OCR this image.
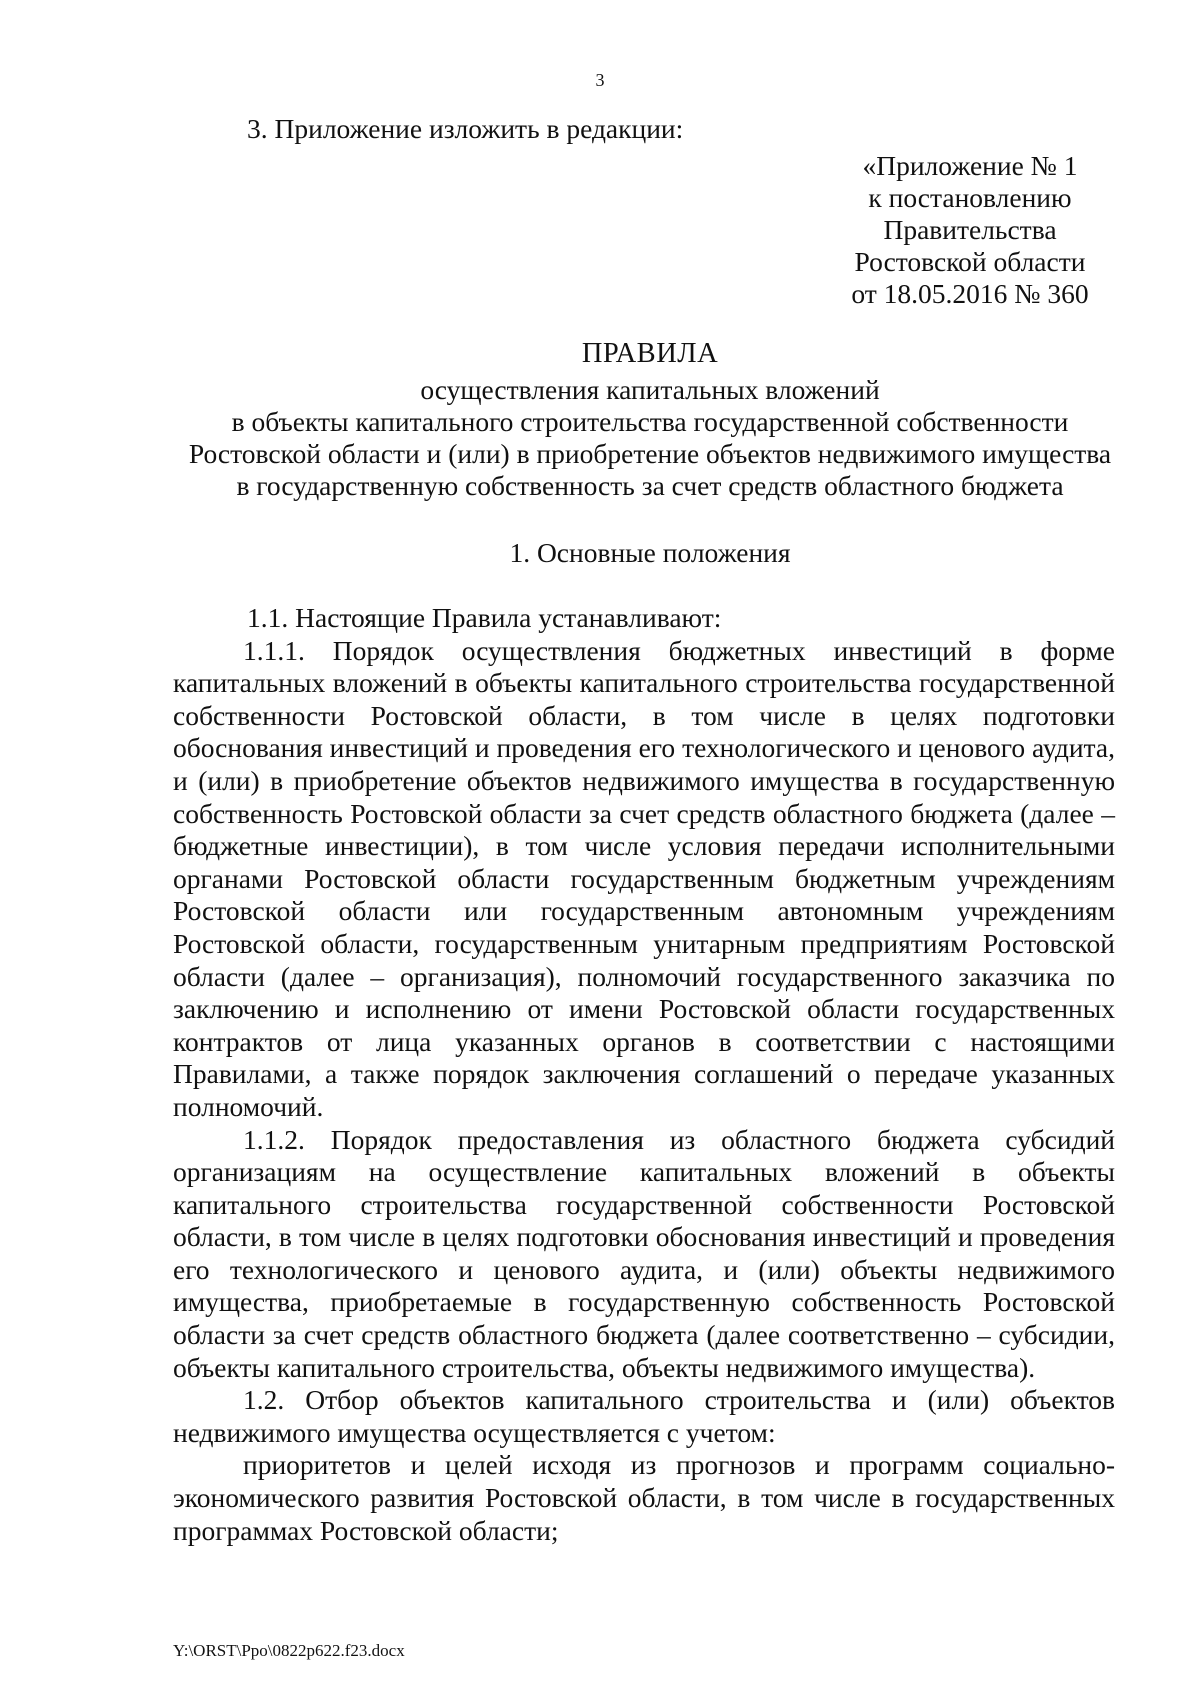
3
3. Приложение изложить в редакции:
«Приложение № 1
к постановлению
Правительства
Ростовской области
от 18.05.2016 № 360
ПРАВИЛА
осуществления капитальных вложений
в объекты капитального строительства государственной собственности
Ростовской области и (или) в приобретение объектов недвижимого имущества
в государственную собственность за счет средств областного бюджета
1. Основные положения

1.1. Настоящие Правила устанавливают:

1.1.1. Порядок осуществления бюджетных инвестиций в форме капитальных вложений в объекты капитального строительства государственной собственности Ростовской области, в том числе в целях подготовки обоснования инвестиций и проведения его технологического и ценового аудита, и (или) в приобретение объектов недвижимого имущества в государственную собственность Ростовской области за счет средств областного бюджета (далее – бюджетные инвестиции), в том числе условия передачи исполнительными органами Ростовской области государственным бюджетным учреждениям Ростовской области или государственным автономным учреждениям Ростовской области, государственным унитарным предприятиям Ростовской области (далее – организация), полномочий государственного заказчика по заключению и исполнению от имени Ростовской области государственных контрактов от лица указанных органов в соответствии с настоящими Правилами, а также порядок заключения соглашений о передаче указанных полномочий.

1.1.2. Порядок предоставления из областного бюджета субсидий организациям на осуществление капитальных вложений в объекты капитального строительства государственной собственности Ростовской области, в том числе в целях подготовки обоснования инвестиций и проведения его технологического и ценового аудита, и (или) объекты недвижимого имущества, приобретаемые в государственную собственность Ростовской области за счет средств областного бюджета (далее соответственно – субсидии, объекты капитального строительства, объекты недвижимого имущества).

1.2. Отбор объектов капитального строительства и (или) объектов недвижимого имущества осуществляется с учетом:

приоритетов и целей исходя из прогнозов и программ социально-экономического развития Ростовской области, в том числе в государственных программах Ростовской области;

Y:\ORST\Ppo\0822p622.f23.docx
